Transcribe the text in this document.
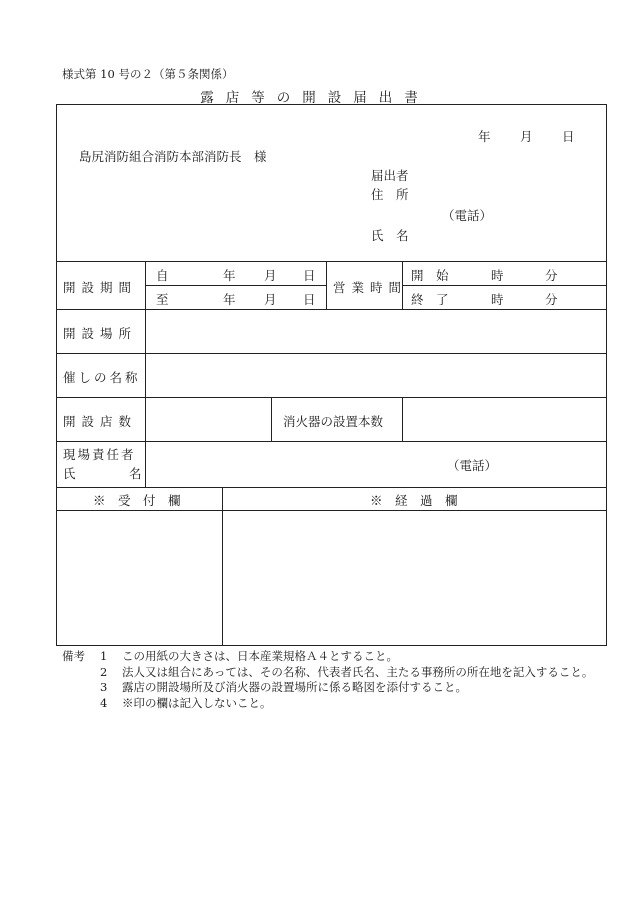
様式第 10 号の２（第５条関係）
露店等の開設届出書
年 月 日
島尻消防組合消防本部消防長　様
届出者
住　所
（電話）
氏　名
開設期間
自	年 月 日
至	年 月 日
営業時間
開　始	時	分
終　了	時	分
開設場所
催しの名称
開設店数	消火器の設置本数
現場責任者
氏	名
（電話）
※　受　付　欄	※　経　過　欄
備考	1	この用紙の大きさは、日本産業規格Ａ４とすること。
2	法人又は組合にあっては、その名称、代表者氏名、主たる事務所の所在地を記入すること。
3	露店の開設場所及び消火器の設置場所に係る略図を添付すること。
4	※印の欄は記入しないこと。
